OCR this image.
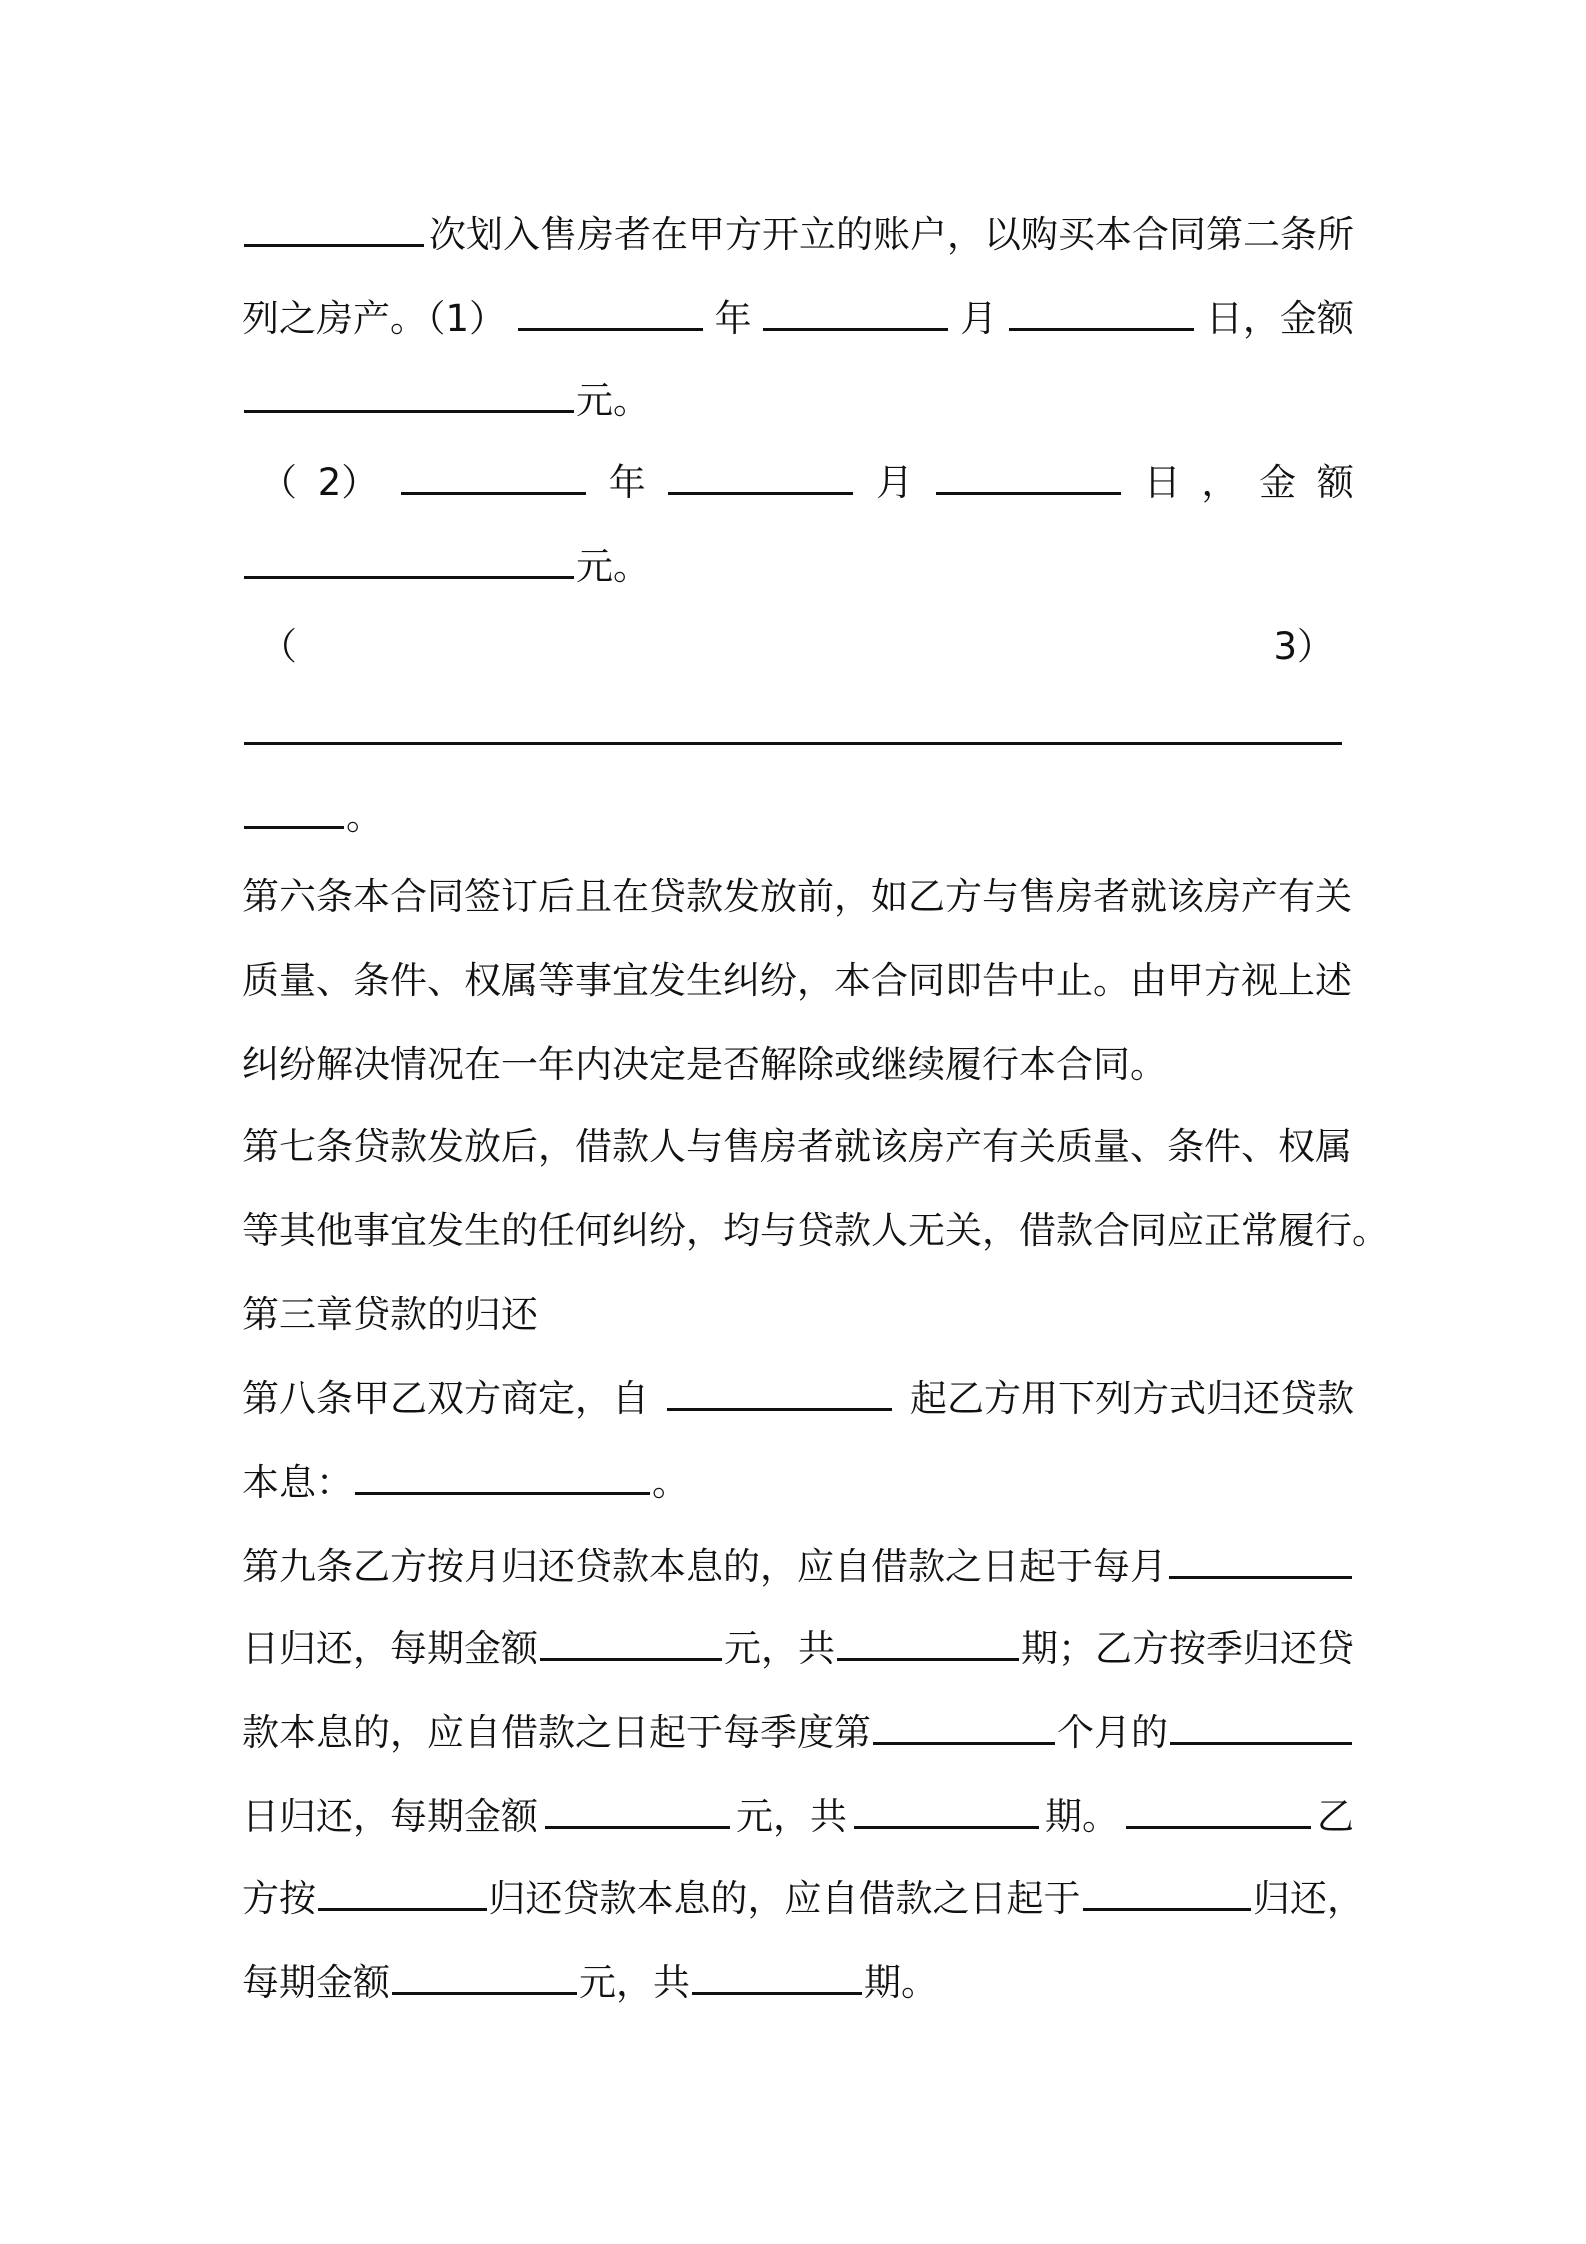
次划入售房者在甲方开立的账户，以购买本合同第二条所
列之房产。（1）	年	月	日，金额
元。
（ 2）	年	月	日 ， 金 额
元。
（	3）
。
第六条本合同签订后且在贷款发放前，如乙方与售房者就该房产有关
质量、条件、权属等事宜发生纠纷，本合同即告中止。由甲方视上述
纠纷解决情况在一年内决定是否解除或继续履行本合同。
第七条贷款发放后，借款人与售房者就该房产有关质量、条件、权属
等其他事宜发生的任何纠纷，均与贷款人无关，借款合同应正常履行。
第三章贷款的归还
第八条甲乙双方商定，自	起乙方用下列方式归还贷款
本息：	。
第九条乙方按月归还贷款本息的，应自借款之日起于每月
日归还，每期金额	元，共	期；乙方按季归还贷
款本息的，应自借款之日起于每季度第	个月的
日归还，每期金额	元，共	期。	乙
方按	归还贷款本息的，应自借款之日起于	归还，
每期金额	元，共	期。
